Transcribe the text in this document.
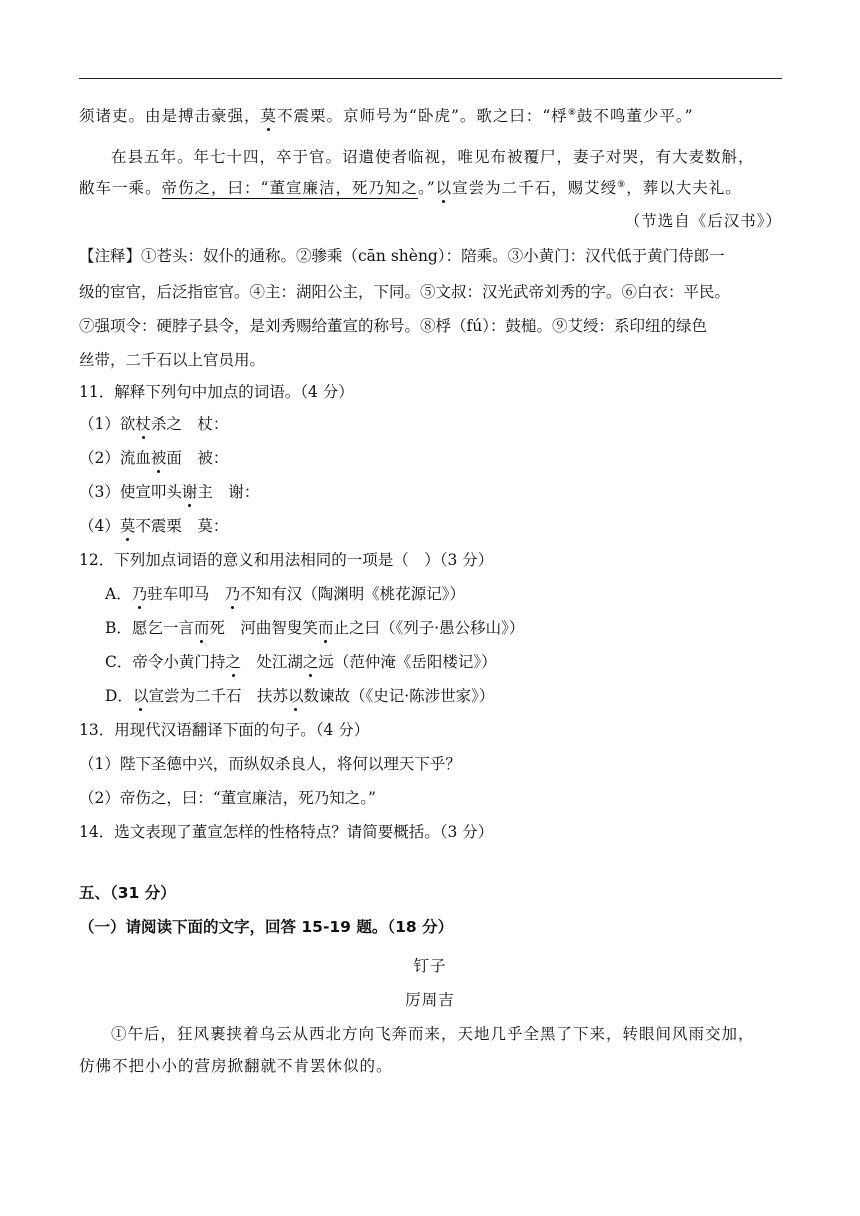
须诸吏。由是搏击豪强，莫不震栗。京师号为“卧虎”。歌之曰：“桴⑧鼓不鸣董少平。”
在县五年。年七十四，卒于官。诏遣使者临视，唯见布被覆尸，妻子对哭，有大麦数斛，
敝车一乘。帝伤之，曰：“董宣廉洁，死乃知之。”以宣尝为二千石，赐艾绶⑨，葬以大夫礼。
（节选自《后汉书》）
【注释】①苍头：奴仆的通称。②骖乘（cān shèng）：陪乘。③小黄门：汉代低于黄门侍郎一
级的宦官，后泛指宦官。④主：湖阳公主，下同。⑤文叔：汉光武帝刘秀的字。⑥白衣：平民。
⑦强项令：硬脖子县令，是刘秀赐给董宣的称号。⑧桴（fú）：鼓槌。⑨艾绶：系印纽的绿色
丝带，二千石以上官员用。
11．解释下列句中加点的词语。（4 分）
（1）欲杖杀之　杖：
（2）流血被面　被：
（3）使宣叩头谢主　谢：
（4）莫不震栗　莫：
12．下列加点词语的意义和用法相同的一项是（　）（3 分）
A．乃驻车叩马　乃不知有汉（陶渊明《桃花源记》）
B．愿乞一言而死　河曲智叟笑而止之曰（《列子·愚公移山》）
C．帝令小黄门持之　处江湖之远（范仲淹《岳阳楼记》）
D．以宣尝为二千石　扶苏以数谏故（《史记·陈涉世家》）
13．用现代汉语翻译下面的句子。（4 分）
（1）陛下圣德中兴，而纵奴杀良人，将何以理天下乎？
（2）帝伤之，曰：“董宣廉洁，死乃知之。”
14．选文表现了董宣怎样的性格特点？请简要概括。（3 分）
五、（31 分）
（一）请阅读下面的文字，回答 15-19 题。（18 分）
钉子
厉周吉
①午后，狂风裹挟着乌云从西北方向飞奔而来，天地几乎全黑了下来，转眼间风雨交加，
仿佛不把小小的营房掀翻就不肯罢休似的。
